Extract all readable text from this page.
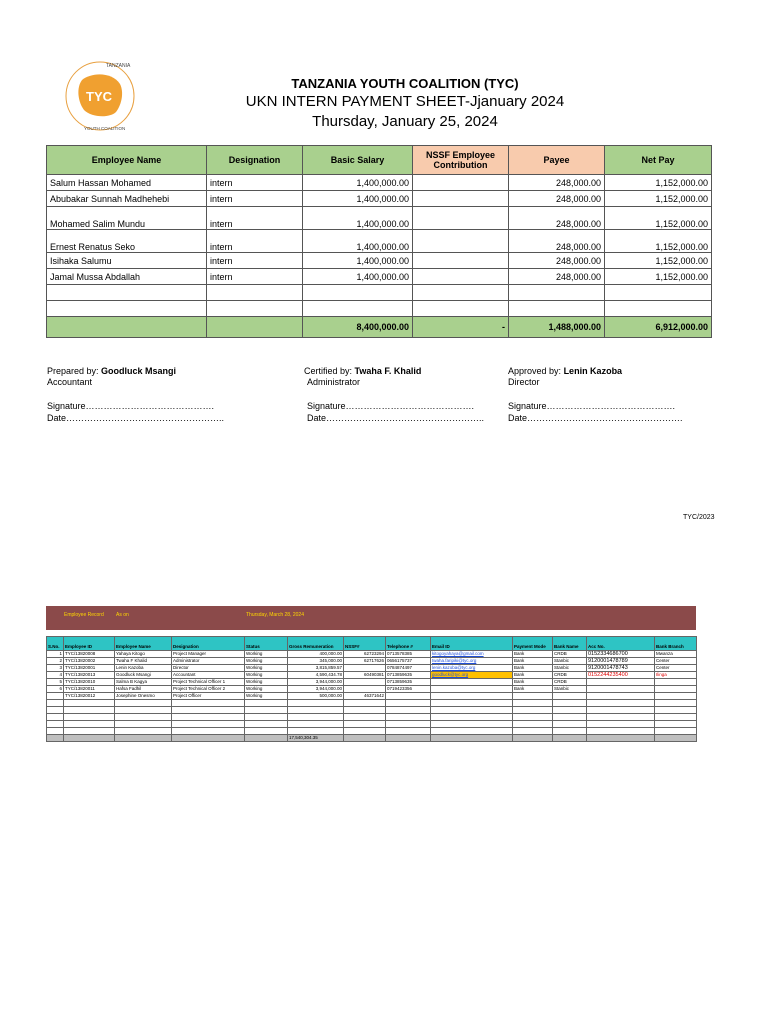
TYC
TANZANIA
YOUTH COALITION
TANZANIA YOUTH COALITION (TYC)
UKN INTERN PAYMENT SHEET-Jjanuary 2024
Thursday, January 25, 2024
Employee Name	Designation	Basic Salary	NSSF Employee Contribution	Payee	Net Pay
Salum Hassan Mohamed	intern	1,400,000.00		248,000.00	1,152,000.00
Abubakar Sunnah Madhehebi	intern	1,400,000.00		248,000.00	1,152,000.00
Mohamed Salim Mundu	intern	1,400,000.00		248,000.00	1,152,000.00
Ernest Renatus Seko	intern	1,400,000.00		248,000.00	1,152,000.00
Isihaka Salumu	intern	1,400,000.00		248,000.00	1,152,000.00
Jamal Mussa Abdallah	intern	1,400,000.00		248,000.00	1,152,000.00

		8,400,000.00	-	1,488,000.00	6,912,000.00
Prepared by: Goodluck Msangi
Accountant
Certified by: Twaha F. Khalid
Administrator
Approved by: Lenin Kazoba
Director
Signature…………………………………….
Date……………………………………………..
Signature…………………………………….
Date……………………………………………..
Signature…………………………………….
Date…………………………………………….
TYC/2023
Employee Record As on	Thursday, March 28, 2024
S.No.	Employee ID	Employee Name	Designation	Status	Gross Remuneration	NSSF#	Telephone #	Email ID	Payment Mode	Bank Name	Acc No.	Bank Branch
1	TYC/13820008	Yahaya Kitogo	Project Manager	Working	400,000.00	62723294	0713578385	kitogoyahaya@gmail.com	Bank	CRDB	0152334686700	Mwanza
2	TYC/13820002	Twaha F Khalid	Administrator	Working	345,000.00	62717626	0656175737	twaha.faripiki@tyc.org	Bank	Stanbic	9120001478789	Center
3	TYC/13820001	Lenin Kazoba	Director	Working	3,815,859.57		0784874497	lenin.kazoba@tyc.org	Bank	Stanbic	9120001478743	Center
4	TYC/13820013	Goodluck Msangi	Accountant	Working	4,590,434.78	60490381	0713859635	goodluck@tyc.org	Bank	CRDB	0152244235400	Ilinga
5	TYC/13820010	Salma B Kagya	Project Technical Officer 1	Working	3,944,000.00		0713859635		Bank	CRDB		
6	TYC/13820011	Hafsa Fadhil	Project Technical Officer 2	Working	3,944,000.00		0719423356		Bank	Stanbic		
	TYC/13820012	Josephine Onesmo	Project Officer	Working	500,000.00	46371642						

					17,540,304.35							
